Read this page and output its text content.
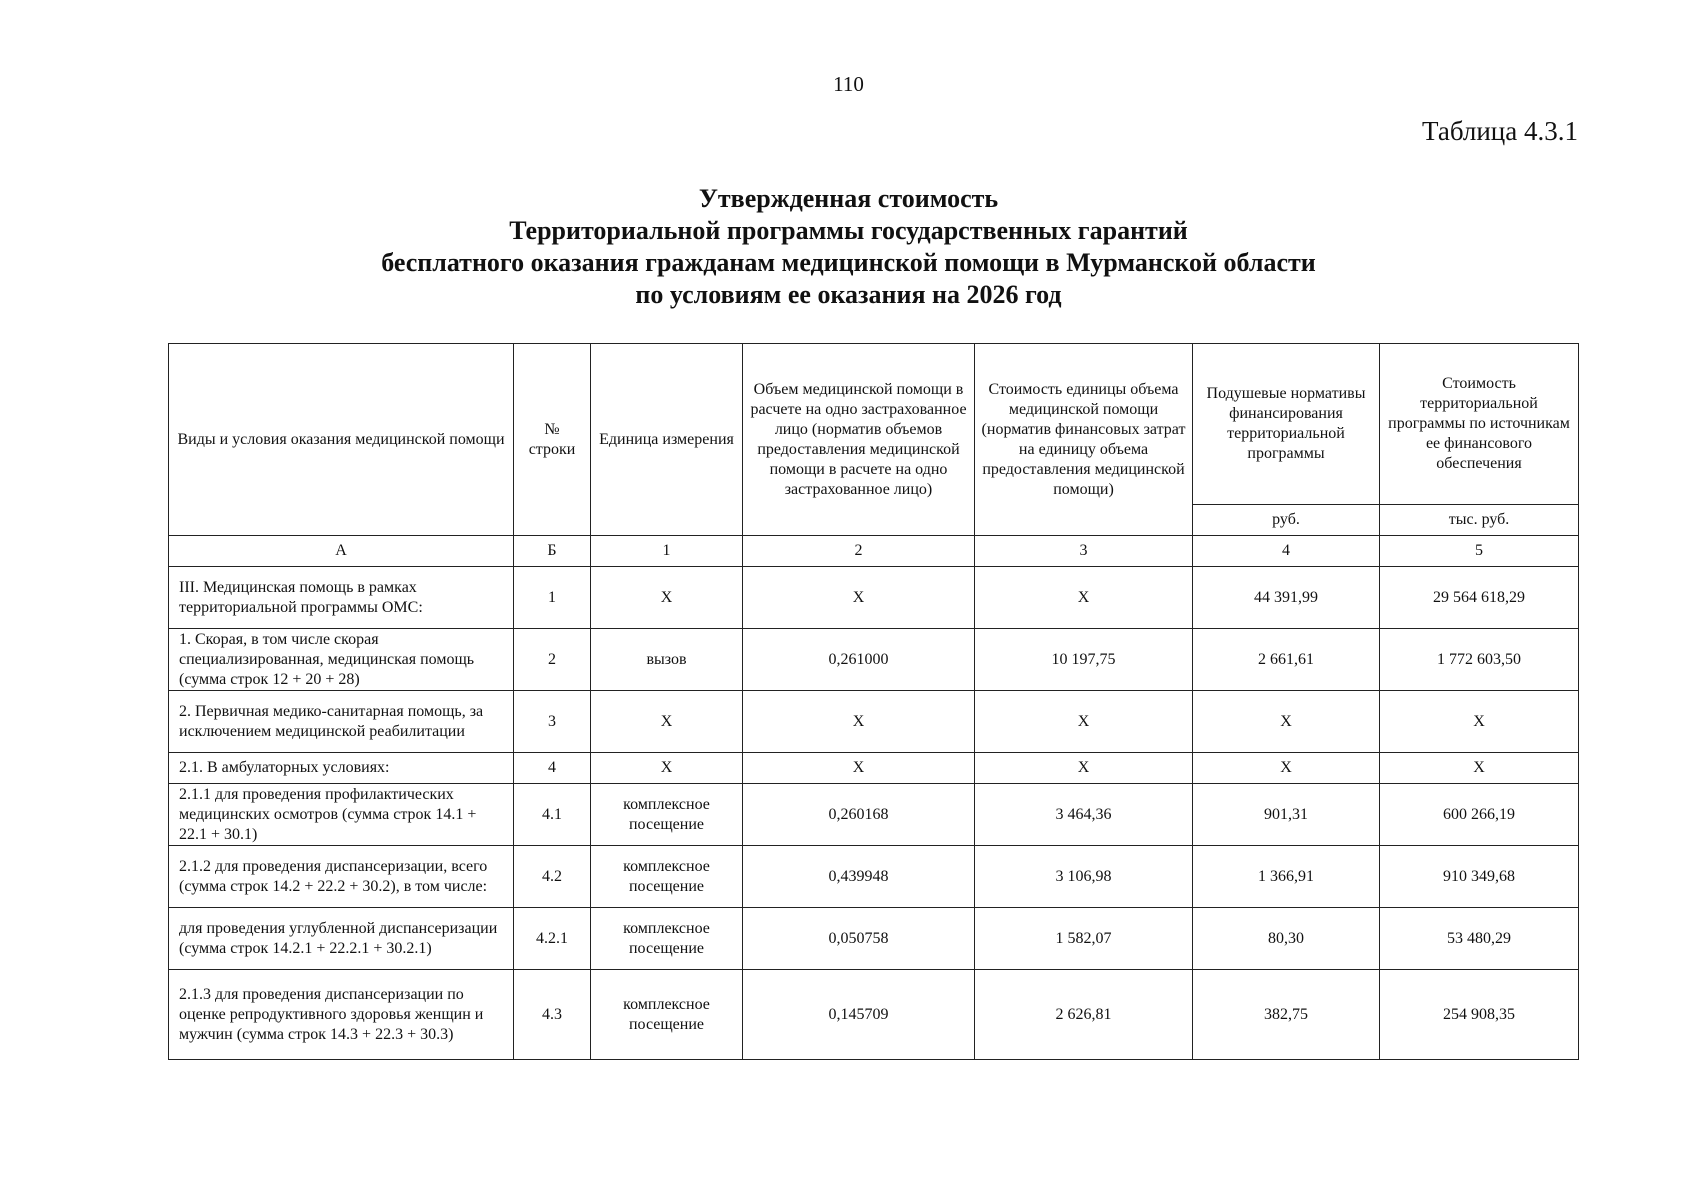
110
Таблица 4.3.1
Утвержденная стоимость
Территориальной программы государственных гарантий
бесплатного оказания гражданам медицинской помощи в Мурманской области
по условиям ее оказания на 2026 год
Виды и условия оказания медицинской помощи	№ строки	Единица измерения	Объем медицинской помощи в расчете на одно застрахованное лицо (норматив объемов предоставления медицинской помощи в расчете на одно застрахованное лицо)	Стоимость единицы объема медицинской помощи (норматив финансовых затрат на единицу объема предоставления медицинской помощи)	Подушевые нормативы финансирования территориальной программы	Стоимость территориальной программы по источникам ее финансового обеспечения
					руб.	тыс. руб.
А	Б	1	2	3	4	5
III. Медицинская помощь в рамках территориальной программы ОМС:	1	Х	Х	Х	44 391,99	29 564 618,29
1. Скорая, в том числе скорая специализированная, медицинская помощь (сумма строк 12 + 20 + 28)	2	вызов	0,261000	10 197,75	2 661,61	1 772 603,50
2. Первичная медико-санитарная помощь, за исключением медицинской реабилитации	3	Х	Х	Х	Х	Х
2.1. В амбулаторных условиях:	4	Х	Х	Х	Х	Х
2.1.1 для проведения профилактических медицинских осмотров (сумма строк 14.1 + 22.1 + 30.1)	4.1	комплексное посещение	0,260168	3 464,36	901,31	600 266,19
2.1.2 для проведения диспансеризации, всего (сумма строк 14.2 + 22.2 + 30.2), в том числе:	4.2	комплексное посещение	0,439948	3 106,98	1 366,91	910 349,68
для проведения углубленной диспансеризации (сумма строк 14.2.1 + 22.2.1 + 30.2.1)	4.2.1	комплексное посещение	0,050758	1 582,07	80,30	53 480,29
2.1.3 для проведения диспансеризации по оценке репродуктивного здоровья женщин и мужчин (сумма строк 14.3 + 22.3 + 30.3)	4.3	комплексное посещение	0,145709	2 626,81	382,75	254 908,35
